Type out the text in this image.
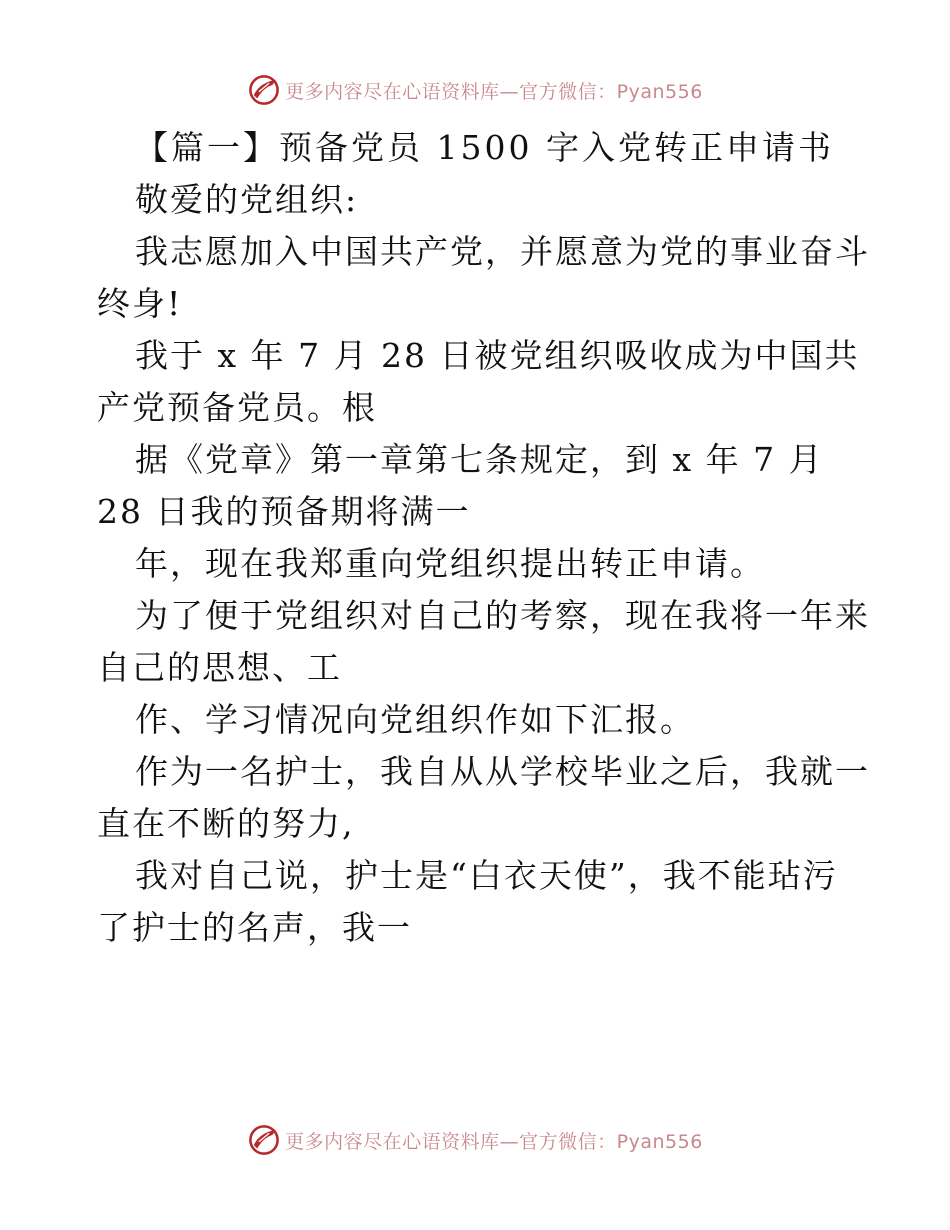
更多内容尽在心语资料库—官方微信：Pyan556
【篇一】预备党员 1500 字入党转正申请书
敬爱的党组织:
我志愿加入中国共产党，并愿意为党的事业奋斗
终身!
我于 x 年 7 月 28 日被党组织吸收成为中国共
产党预备党员。根
据《党章》第一章第七条规定，到 x 年 7 月
28 日我的预备期将满一
年，现在我郑重向党组织提出转正申请。
为了便于党组织对自己的考察，现在我将一年来
自己的思想、工
作、学习情况向党组织作如下汇报。
作为一名护士，我自从从学校毕业之后，我就一
直在不断的努力,
我对自己说，护士是“白衣天使”，我不能玷污
了护士的名声，我一
更多内容尽在心语资料库—官方微信：Pyan556
